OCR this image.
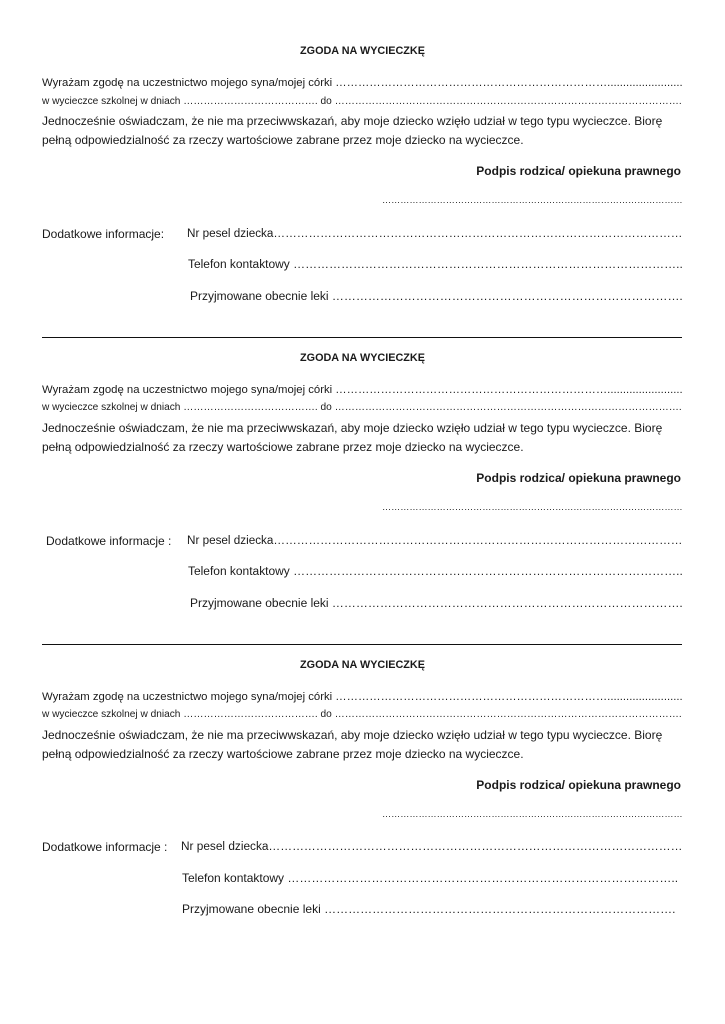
ZGODA NA WYCIECZKĘ
Wyrażam zgodę na uczestnictwo mojego syna/mojej córki ………………………………………………………………........................
w wycieczce szkolnej w dniach …………………………………. do ………………………………………………………………………………………….
Jednocześnie oświadczam, że nie ma przeciwwskazań, aby moje dziecko wzięło udział w tego typu wycieczce. Biorę
pełną odpowiedzialność za rzeczy wartościowe zabrane przez moje dziecko na wycieczce.
Podpis rodzica/ opiekuna prawnego
………………………………………………………………………………………
Dodatkowe informacje: Nr pesel dziecka……………………………………………………………………………………………
Telefon kontaktowy ……………………………………………………………………………………..
Przyjmowane obecnie leki …………………………………………………………………………….
ZGODA NA WYCIECZKĘ
Wyrażam zgodę na uczestnictwo mojego syna/mojej córki ………………………………………………………………........................
w wycieczce szkolnej w dniach …………………………………. do ………………………………………………………………………………………….
Jednocześnie oświadczam, że nie ma przeciwwskazań, aby moje dziecko wzięło udział w tego typu wycieczce. Biorę
pełną odpowiedzialność za rzeczy wartościowe zabrane przez moje dziecko na wycieczce.
Podpis rodzica/ opiekuna prawnego
………………………………………………………………………………………
Dodatkowe informacje : Nr pesel dziecka……………………………………………………………………………………………
Telefon kontaktowy ……………………………………………………………………………………..
Przyjmowane obecnie leki …………………………………………………………………………….
ZGODA NA WYCIECZKĘ
Wyrażam zgodę na uczestnictwo mojego syna/mojej córki ………………………………………………………………........................
w wycieczce szkolnej w dniach …………………………………. do ………………………………………………………………………………………….
Jednocześnie oświadczam, że nie ma przeciwwskazań, aby moje dziecko wzięło udział w tego typu wycieczce. Biorę
pełną odpowiedzialność za rzeczy wartościowe zabrane przez moje dziecko na wycieczce.
Podpis rodzica/ opiekuna prawnego
………………………………………………………………………………………
Dodatkowe informacje : Nr pesel dziecka……………………………………………………………………………………………
Telefon kontaktowy ……………………………………………………………………………………..
Przyjmowane obecnie leki …………………………………………………………………………….
